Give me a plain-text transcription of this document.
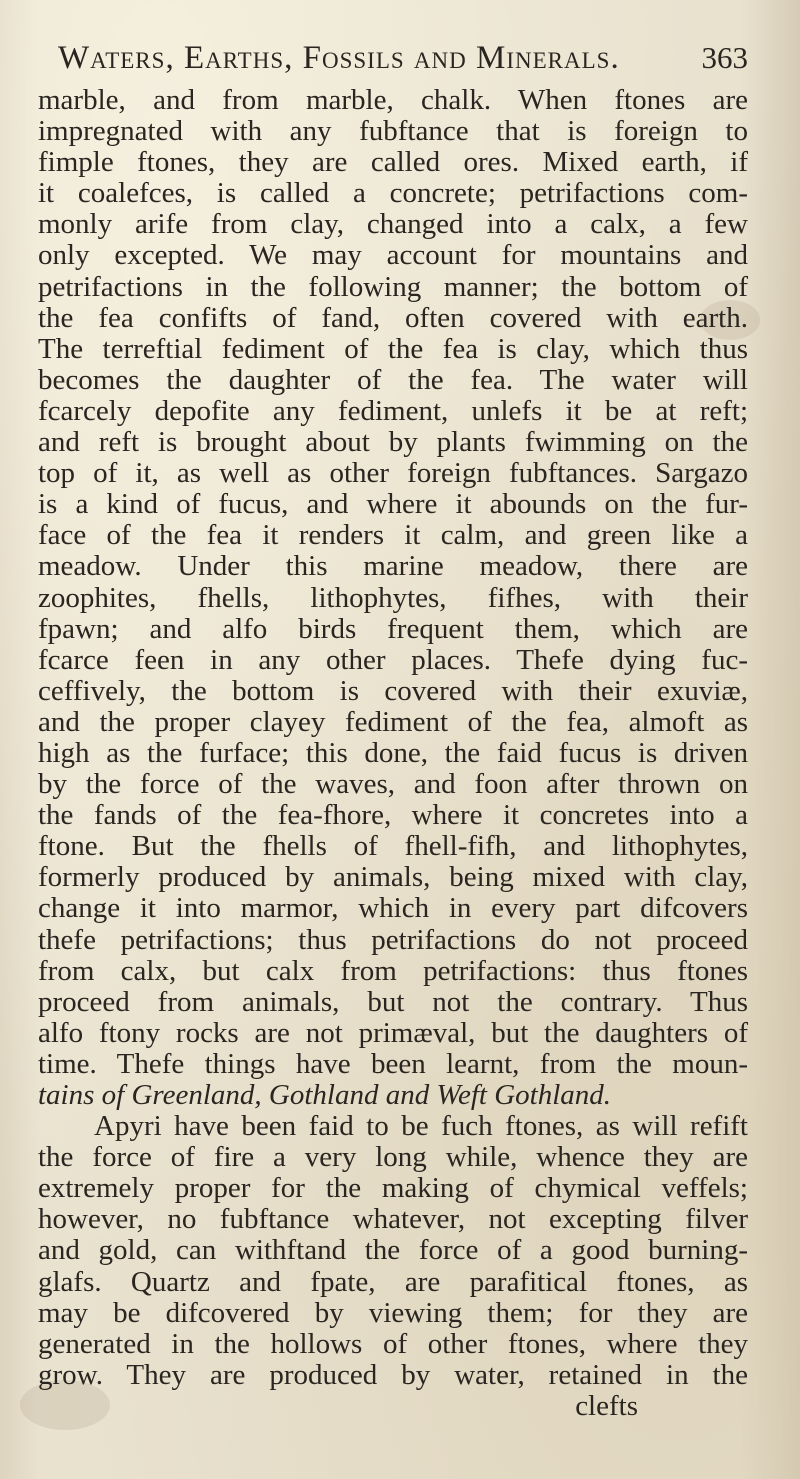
Waters, Earths, Fossils and Minerals.	363
marble, and from marble, chalk. When ftones are
impregnated with any fubftance that is foreign to
fimple ftones, they are called ores. Mixed earth, if
it coalefces, is called a concrete; petrifactions com-
monly arife from clay, changed into a calx, a few
only excepted. We may account for mountains and
petrifactions in the following manner; the bottom of
the fea confifts of fand, often covered with earth.
The terreftial fediment of the fea is clay, which thus
becomes the daughter of the fea. The water will
fcarcely depofite any fediment, unlefs it be at reft;
and reft is brought about by plants fwimming on the
top of it, as well as other foreign fubftances. Sargazo
is a kind of fucus, and where it abounds on the fur-
face of the fea it renders it calm, and green like a
meadow. Under this marine meadow, there are
zoophites, fhells, lithophytes, fifhes, with their
fpawn; and alfo birds frequent them, which are
fcarce feen in any other places. Thefe dying fuc-
ceffively, the bottom is covered with their exuviæ,
and the proper clayey fediment of the fea, almoft as
high as the furface; this done, the faid fucus is driven
by the force of the waves, and foon after thrown on
the fands of the fea-fhore, where it concretes into a
ftone. But the fhells of fhell-fifh, and lithophytes,
formerly produced by animals, being mixed with clay,
change it into marmor, which in every part difcovers
thefe petrifactions; thus petrifactions do not proceed
from calx, but calx from petrifactions: thus ftones
proceed from animals, but not the contrary. Thus
alfo ftony rocks are not primæval, but the daughters of
time. Thefe things have been learnt, from the moun-
tains of Greenland, Gothland and Weft Gothland.
Apyri have been faid to be fuch ftones, as will refift
the force of fire a very long while, whence they are
extremely proper for the making of chymical veffels;
however, no fubftance whatever, not excepting filver
and gold, can withftand the force of a good burning-
glafs. Quartz and fpate, are parafitical ftones, as
may be difcovered by viewing them; for they are
generated in the hollows of other ftones, where they
grow. They are produced by water, retained in the
clefts
